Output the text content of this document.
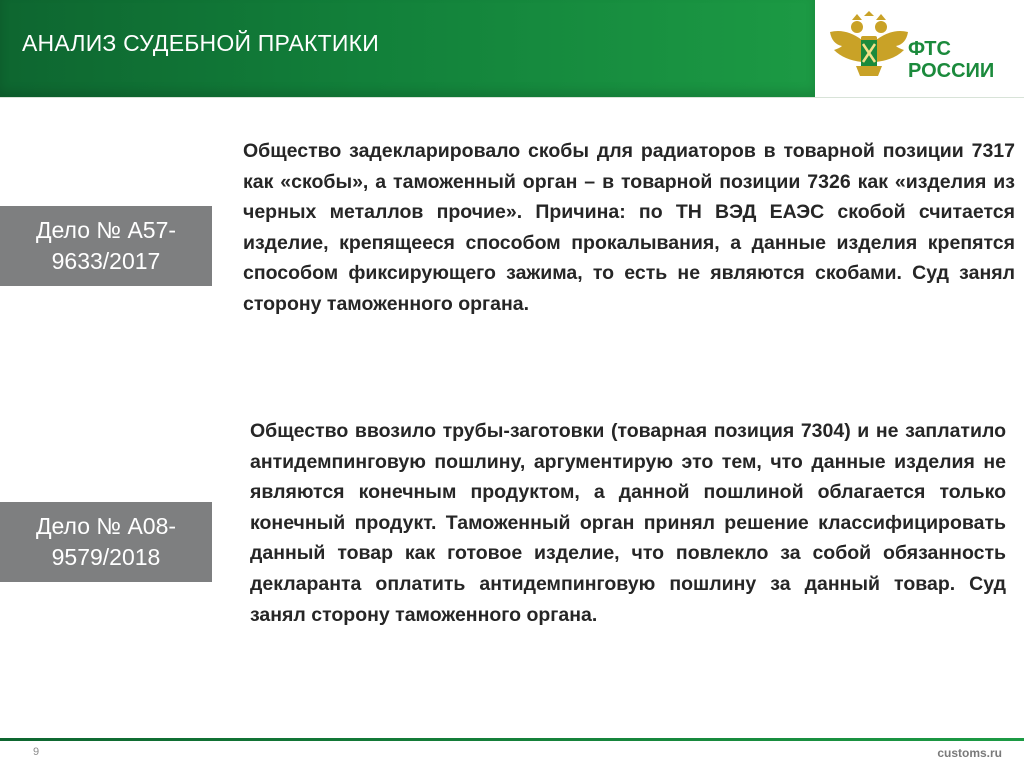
АНАЛИЗ СУДЕБНОЙ ПРАКТИКИ	ФТС
РОССИИ
Дело № А57-9633/2017
Общество задекларировало скобы для радиаторов в товарной позиции 7317 как «скобы», а таможенный орган – в товарной позиции 7326 как «изделия из черных металлов прочие». Причина: по ТН ВЭД ЕАЭС скобой считается изделие, крепящееся способом прокалывания, а данные изделия крепятся способом фиксирующего зажима, то есть не являются скобами. Суд занял сторону таможенного органа.
Дело № А08-9579/2018
Общество ввозило трубы-заготовки (товарная позиция 7304) и не заплатило антидемпинговую пошлину, аргументирую это тем, что данные изделия не являются конечным продуктом, а данной пошлиной облагается только конечный продукт. Таможенный орган принял решение классифицировать данный товар как готовое изделие, что повлекло за собой обязанность декларанта оплатить антидемпинговую пошлину за данный товар. Суд занял сторону таможенного органа.
9	customs.ru
